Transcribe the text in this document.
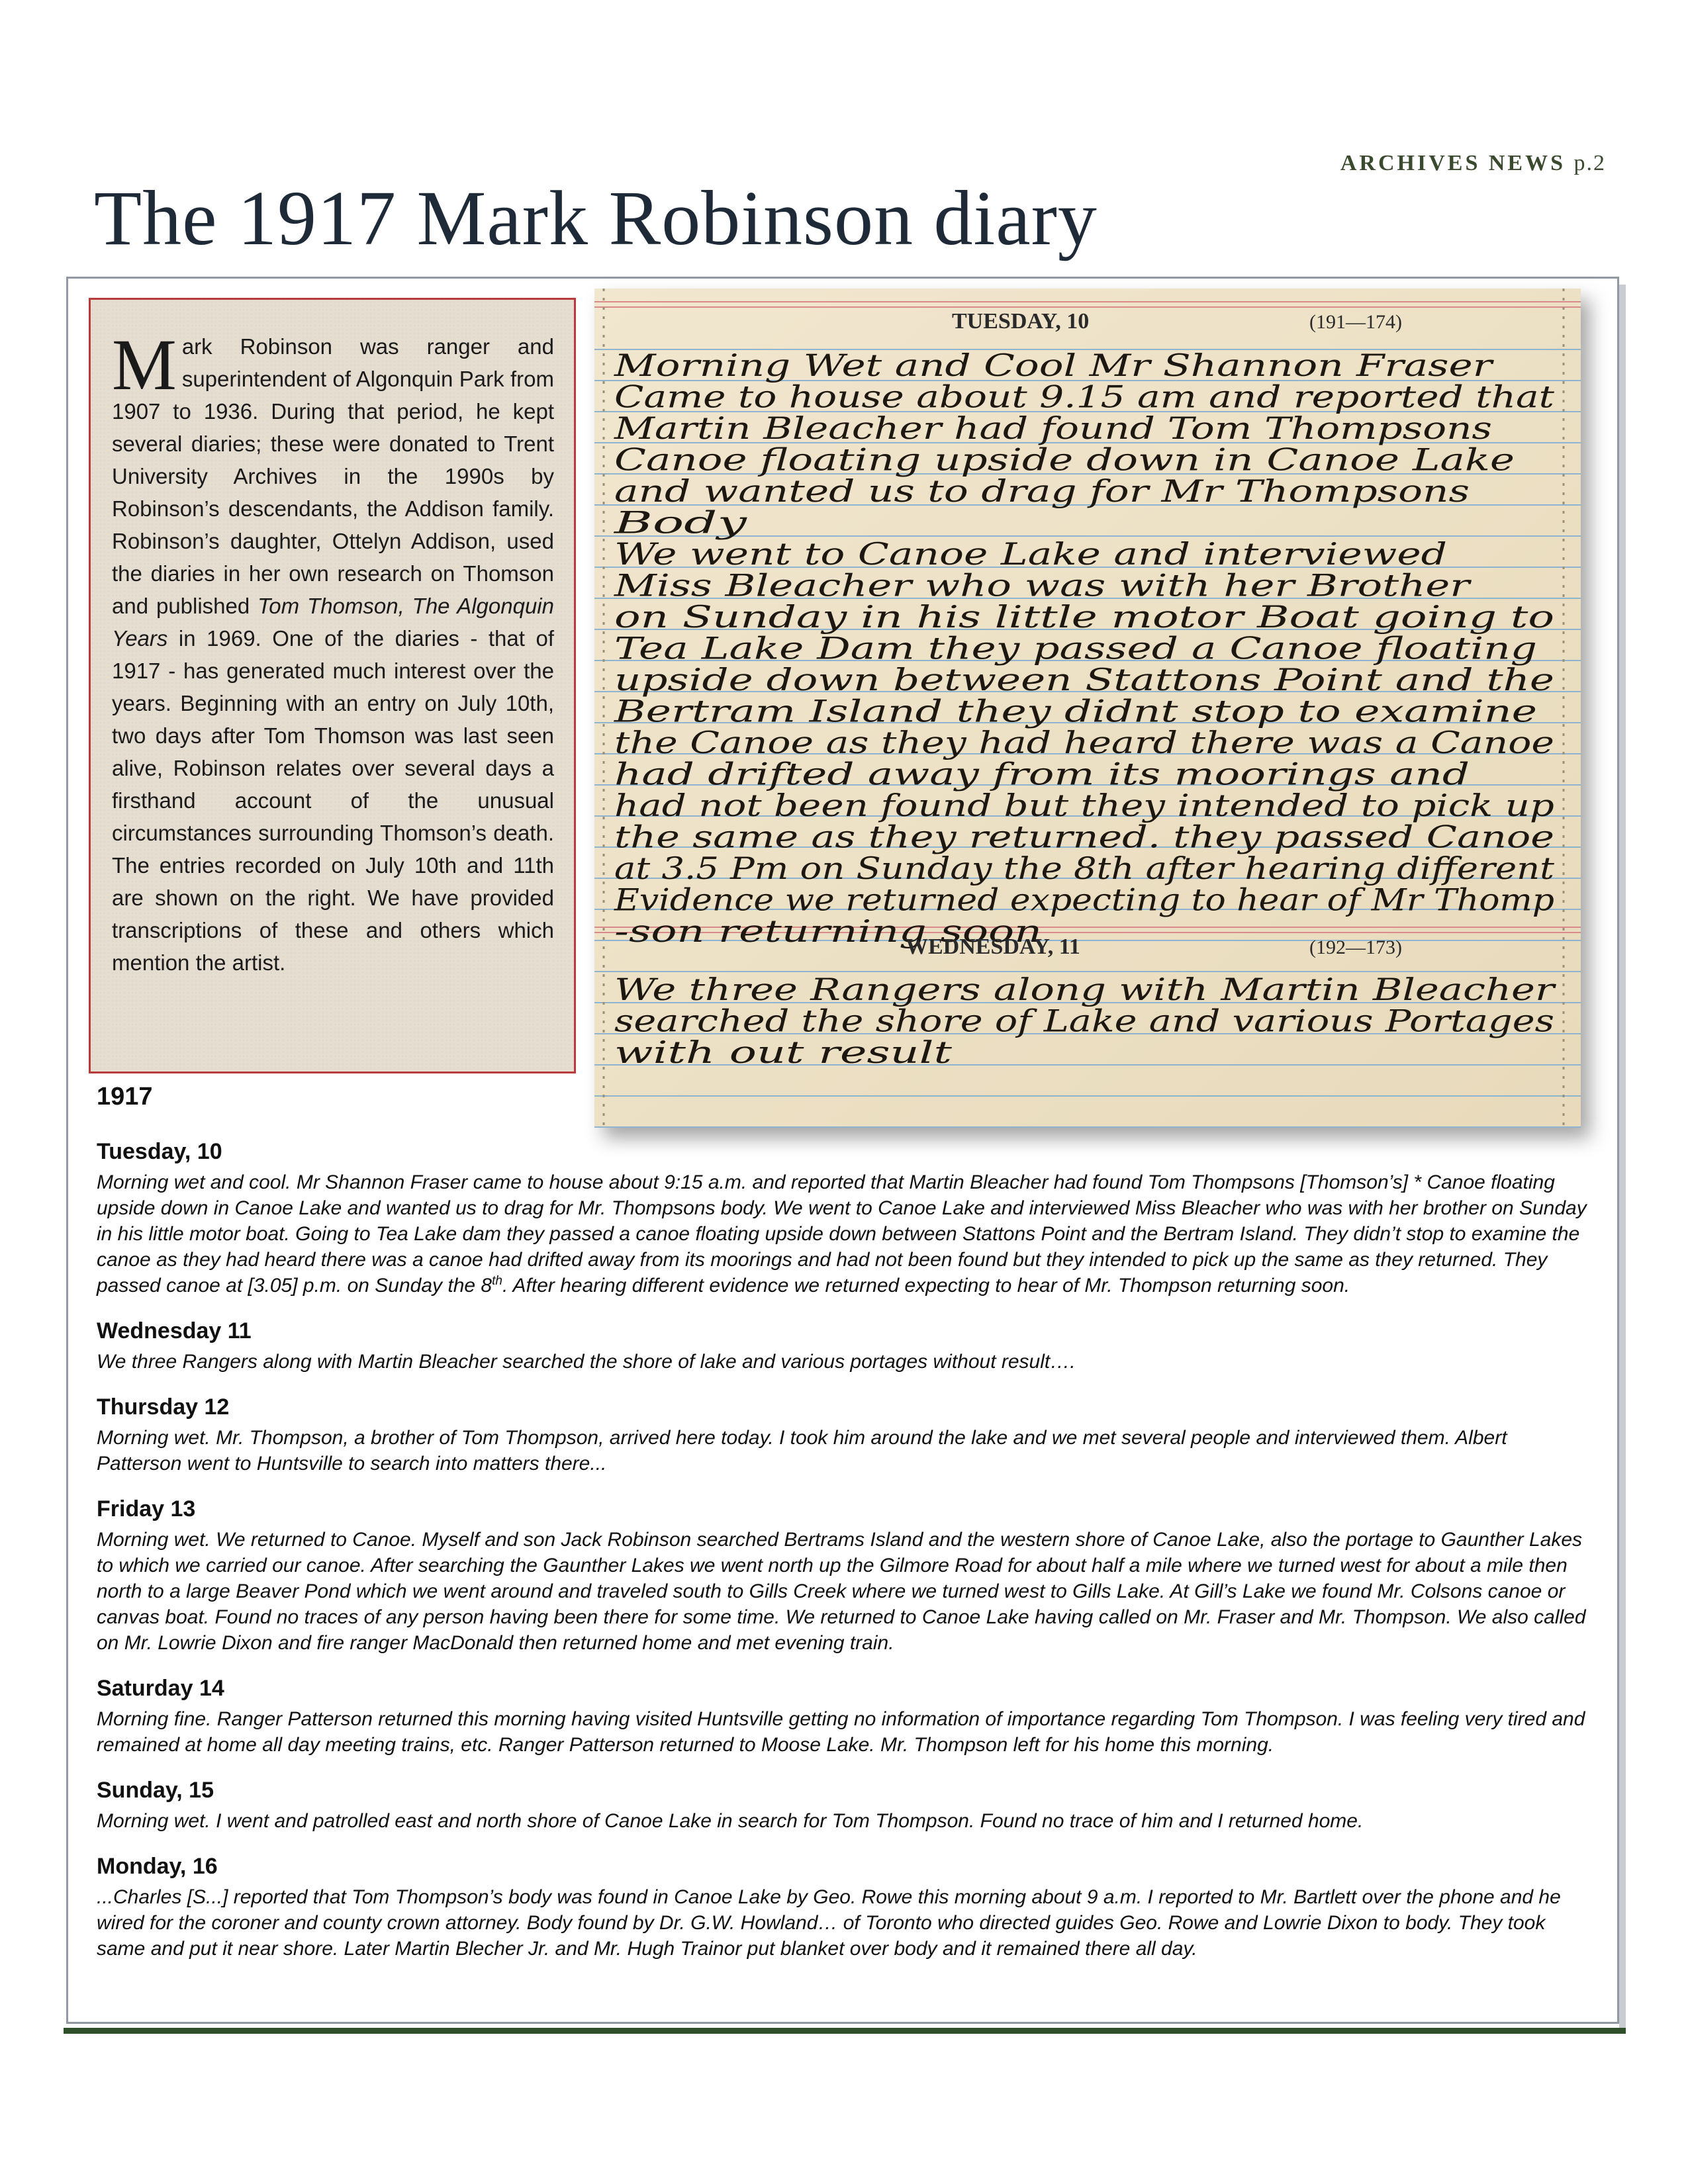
ARCHIVES NEWS p.2
The 1917 Mark Robinson diary

Mark Robinson was ranger and superintendent of Algonquin Park from 1907 to 1936. During that period, he kept several diaries; these were donated to Trent University Archives in the 1990s by Robinson’s descendants, the Addison family. Robinson’s daughter, Ottelyn Addison, used the diaries in her own research on Thomson and published Tom Thomson, The Algonquin Years in 1969. One of the diaries - that of 1917 - has generated much interest over the years. Beginning with an entry on July 10th, two days after Tom Thomson was last seen alive, Robinson relates over several days a firsthand account of the unusual circumstances surrounding Thomson’s death. The entries recorded on July 10th and 11th are shown on the right. We have provided transcriptions of these and others which mention the artist.

TUESDAY, 10	(191—174)
Morning Wet and Cool Mr Shannon Fraser
Came to house about 9.15 am and reported that
Martin Bleacher had found Tom Thompsons
Canoe floating upside down in Canoe Lake
and wanted us to drag for Mr Thompsons
Body
We went to Canoe Lake and interviewed
Miss Bleacher who was with her Brother
on Sunday in his little motor Boat going to
Tea Lake Dam they passed a Canoe floating
upside down between Stattons Point and the
Bertram Island they didnt stop to examine
the Canoe as they had heard there was a Canoe
had drifted away from its moorings and
had not been found but they intended to pick up
the same as they returned. they passed Canoe
at 3.5 Pm on Sunday the 8th after hearing different
Evidence we returned expecting to hear of Mr Thomp
-son returning soon
WEDNESDAY, 11	(192—173)
We three Rangers along with Martin Bleacher
searched the shore of Lake and various Portages
with out result
1917
Tuesday, 10

Morning wet and cool. Mr Shannon Fraser came to house about 9:15 a.m. and reported that Martin Bleacher had found Tom Thompsons [Thomson’s] * Canoe floating upside down in Canoe Lake and wanted us to drag for Mr. Thompsons body. We went to Canoe Lake and interviewed Miss Bleacher who was with her brother on Sunday in his little motor boat. Going to Tea Lake dam they passed a canoe floating upside down between Stattons Point and the Bertram Island. They didn’t stop to examine the canoe as they had heard there was a canoe had drifted away from its moorings and had not been found but they intended to pick up the same as they returned. They passed canoe at [3.05] p.m. on Sunday the 8th. After hearing different evidence we returned expecting to hear of Mr. Thompson returning soon.

Wednesday 11

We three Rangers along with Martin Bleacher searched the shore of lake and various portages without result….

Thursday 12

Morning wet. Mr. Thompson, a brother of Tom Thompson, arrived here today. I took him around the lake and we met several people and interviewed them. Albert Patterson went to Huntsville to search into matters there...

Friday 13

Morning wet. We returned to Canoe. Myself and son Jack Robinson searched Bertrams Island and the western shore of Canoe Lake, also the portage to Gaunther Lakes to which we carried our canoe. After searching the Gaunther Lakes we went north up the Gilmore Road for about half a mile where we turned west for about a mile then north to a large Beaver Pond which we went around and traveled south to Gills Creek where we turned west to Gills Lake. At Gill’s Lake we found Mr. Colsons canoe or canvas boat. Found no traces of any person having been there for some time. We returned to Canoe Lake having called on Mr. Fraser and Mr. Thompson. We also called on Mr. Lowrie Dixon and fire ranger MacDonald then returned home and met evening train.

Saturday 14

Morning fine. Ranger Patterson returned this morning having visited Huntsville getting no information of importance regarding Tom Thompson. I was feeling very tired and remained at home all day meeting trains, etc. Ranger Patterson returned to Moose Lake. Mr. Thompson left for his home this morning.

Sunday, 15

Morning wet. I went and patrolled east and north shore of Canoe Lake in search for Tom Thompson. Found no trace of him and I returned home.

Monday, 16

...Charles [S...] reported that Tom Thompson’s body was found in Canoe Lake by Geo. Rowe this morning about 9 a.m. I reported to Mr. Bartlett over the phone and he wired for the coroner and county crown attorney. Body found by Dr. G.W. Howland… of Toronto who directed guides Geo. Rowe and Lowrie Dixon to body. They took same and put it near shore. Later Martin Blecher Jr. and Mr. Hugh Trainor put blanket over body and it remained there all day.
